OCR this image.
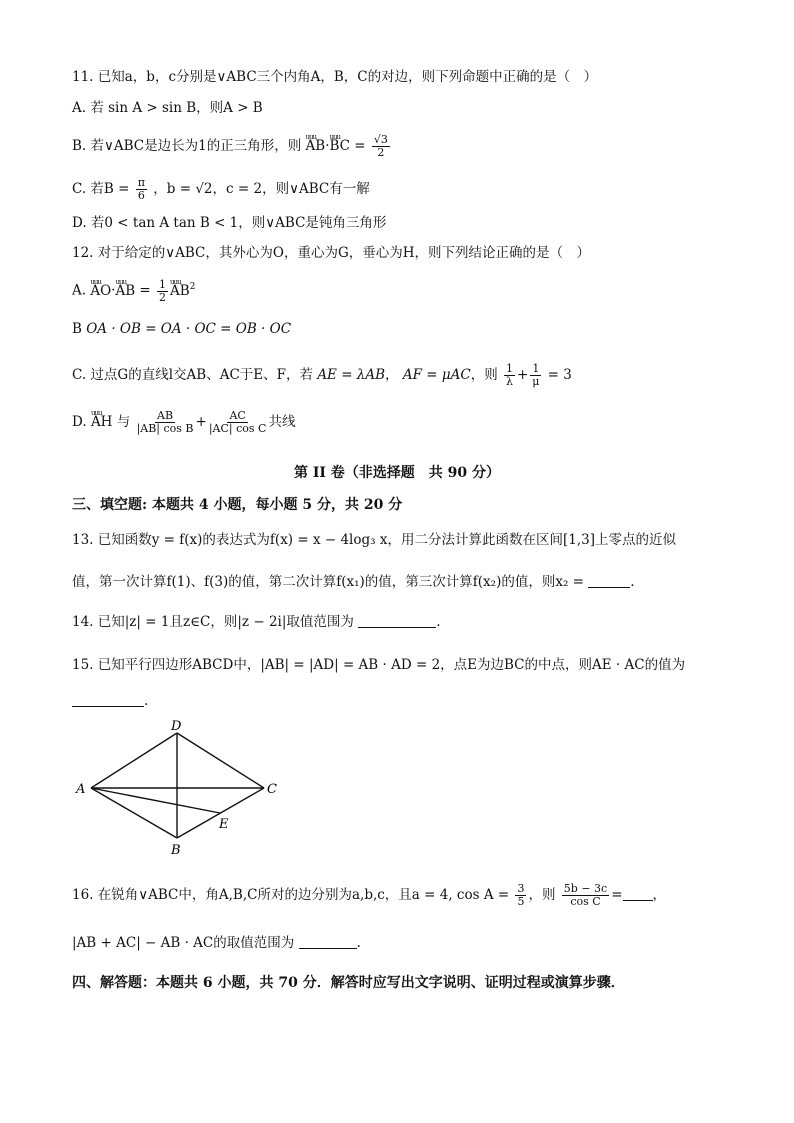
11. 已知a，b，c分别是∨ABC三个内角A，B，C的对边，则下列命题中正确的是（　）
A. 若 sin A > sin B，则A > B
B. 若∨ABC是边长为1的正三角形，则 uuu AB·uuu BC = $\frac{√3}{2}$
C. 若$B = \frac{\pi}{6}$ ，b = √2，c = 2，则∨ABC有一解
D. 若0 < tan A tan B < 1，则∨ABC是钝角三角形
12. 对于给定的∨ABC，其外心为O，重心为G，垂心为H，则下列结论正确的是（　）
A. uuu AO·uuu AB = $\frac{1}{2}$ uuu $AB^2$
B OA · OB = OA · OC = OB · OC
C. 过点G的直线l交AB、AC于E、F，若 AE = λAB， AF = μAC，则 $\frac{1}{\lambda} + \frac{1}{\mu} = 3$
D. uuu AH 与 $\frac{AB}{\text{|AB| cos B}} + \frac{AC}{\text{|AC| cos C}}$ 共线
第 II 卷（非选择题　共 90 分）
三、填空题: 本题共 4 小题，每小题 5 分，共 20 分
13. 已知函数y = f(x)的表达式为f(x) = x − 4log₃ x，用二分法计算此函数在区间[1,3]上零点的近似
值，第一次计算f(1)、f(3)的值，第二次计算f(x₁)的值，第三次计算f(x₂)的值，则x₂ =	.
14. 已知|z| = 1且z∈C，则|z − 2i|取值范围为	.
15. 已知平行四边形ABCD中，|AB| = |AD| = AB · AD = 2，点E为边BC的中点，则AE · AC的值为
.
D
A	C
E
B
16. 在锐角∨ABC中，角A,B,C所对的边分别为a,b,c，且a = 4, $\cos A = \frac{3}{5}$ ，则 $\frac{5b - 3c}{\text{cos C}}$ = ，
|AB + AC| − AB · AC的取值范围为	.
四、解答题：本题共 6 小题，共 70 分．解答时应写出文字说明、证明过程或演算步骤．
